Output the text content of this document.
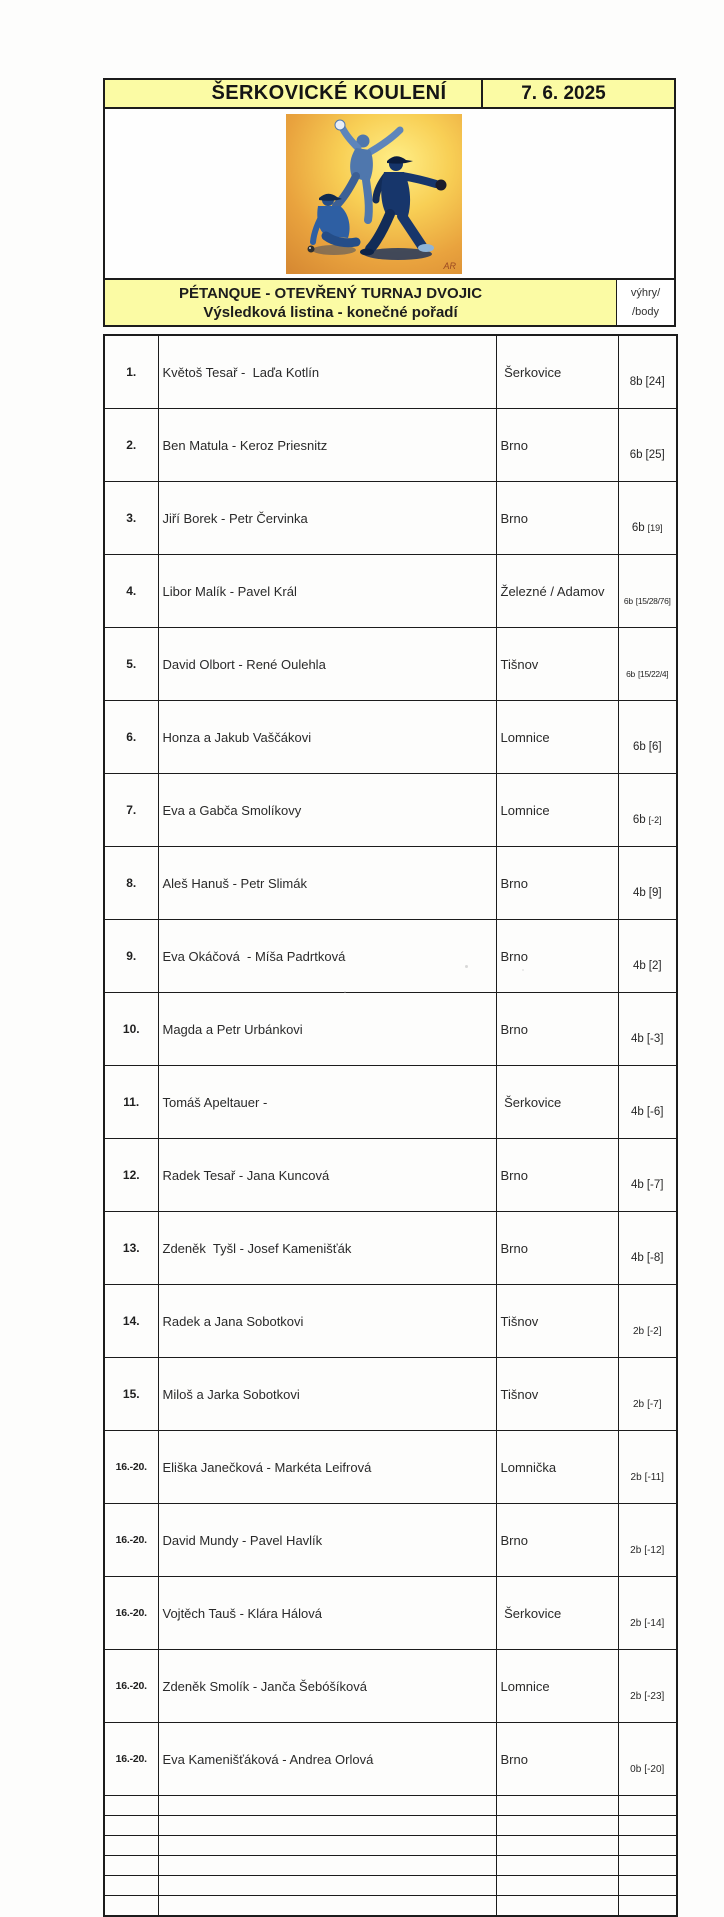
ŠERKOVICKÉ KOULENÍ	7. 6. 2025
AR
PÉTANQUE - OTEVŘENÝ TURNAJ DVOJIC
Výsledková listina - konečné pořadí
výhry/
/body
1.	Květoš Tesař -  Laďa Kotlín	Šerkovice	8b [24]

2.	Ben Matula - Keroz Priesnitz	Brno	6b [25]

3.	Jiří Borek - Petr Červinka	Brno	6b [19]

4.	Libor Malík - Pavel Král	Železné / Adamov	6b [15/28/76]

5.	David Olbort - René Oulehla	Tišnov	6b [15/22/4]

6.	Honza a Jakub Vaščákovi	Lomnice	6b [6]

7.	Eva a Gabča Smolíkovy	Lomnice	6b [-2]

8.	Aleš Hanuš - Petr Slimák	Brno	4b [9]

9.	Eva Okáčová  - Míša Padrtková	Brno	4b [2]

10.	Magda a Petr Urbánkovi	Brno	4b [-3]

11.	Tomáš Apeltauer -	Šerkovice	4b [-6]

12.	Radek Tesař - Jana Kuncová	Brno	4b [-7]

13.	Zdeněk  Tyšl - Josef Kamenišťák	Brno	4b [-8]

14.	Radek a Jana Sobotkovi	Tišnov	2b [-2]

15.	Miloš a Jarka Sobotkovi	Tišnov	2b [-7]

16.-20.	Eliška Janečková - Markéta Leifrová	Lomnička	2b [-11]

16.-20.	David Mundy - Pavel Havlík	Brno	2b [-12]

16.-20.	Vojtěch Tauš - Klára Hálová	Šerkovice	2b [-14]

16.-20.	Zdeněk Smolík - Janča Šebóšíková	Lomnice	2b [-23]

16.-20.	Eva Kamenišťáková - Andrea Orlová	Brno	0b [-20]
